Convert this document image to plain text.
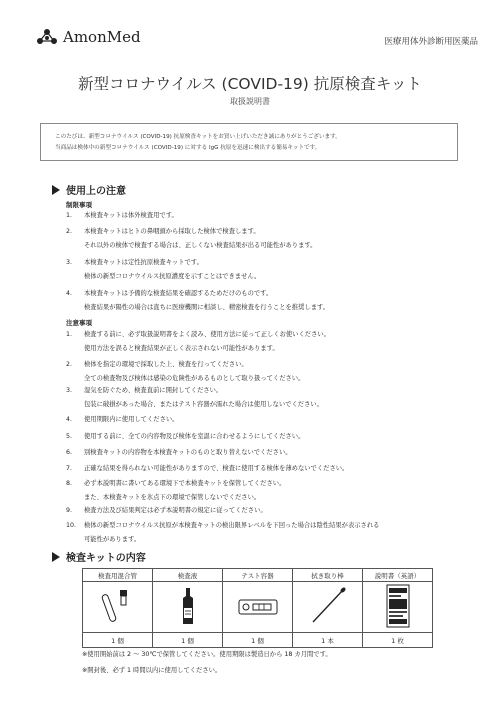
AmonMed	医療用体外診断用医薬品
新型コロナウイルス (COVID-19) 抗原検査キット
取扱説明書
このたびは、新型コロナウイルス (COVID-19) 抗原検査キットをお買い上げいただき誠にありがとうございます。
当商品は検体中の新型コロナウイルス (COVID-19) に対する IgG 抗原を迅速に検出する簡易キットです。
使用上の注意
制限事項
1.	本検査キットは体外検査用です。
2.	本検査キットはヒトの鼻咽頭から採取した検体で検査します。
それ以外の検体で検査する場合は、正しくない検査結果が出る可能性があります。
3.	本検査キットは定性抗原検査キットです。
検体の新型コロナウイルス抗原濃度を示すことはできません。
4.	本検査キットは予備的な検査結果を確認するためだけのものです。
検査結果が陽性の場合は直ちに医療機関に相談し、精密検査を行うことを推奨します。
注意事項
1.	検査する前に、必ず取扱説明書をよく読み、使用方法に従って正しくお使いください。
使用方法を誤ると検査結果が正しく表示されない可能性があります。
2.	検体を指定の環境で採取した上、検査を行ってください。
全ての検査物及び検体は感染の危険性があるものとして取り扱ってください。
3.	湿気を防ぐため、検査直前に開封してください。
包装に破損があった場合、またはテスト容器が濡れた場合は使用しないでください。
4.	使用期限内に使用してください。
5.	使用する前に、全ての内容物及び検体を室温に合わせるようにしてください。
6.	別検査キットの内容物を本検査キットのものと取り替えないでください。
7.	正確な結果を得られない可能性がありますので、検査に使用する検体を薄めないでください。
8.	必ず本説明書に書いてある環境下で本検査キットを保管してください。
また、本検査キットを氷点下の環境で保管しないでください。
9.	検査方法及び結果判定は必ず本説明書の規定に従ってください。
10.	検体の新型コロナウイルス抗原が本検査キットの検出限界レベルを下回った場合は陰性結果が表示される
可能性があります。
検査キットの内容
検査用混合管	検査液	テスト容器	拭き取り棒	説明書（英語）

1 個	1 個	1 個	1 本	1 枚
※使用開始前は 2 ～ 30℃で保管してください。使用期限は製造日から 18 カ月間です。
※開封後、必ず 1 時間以内に使用してください。
